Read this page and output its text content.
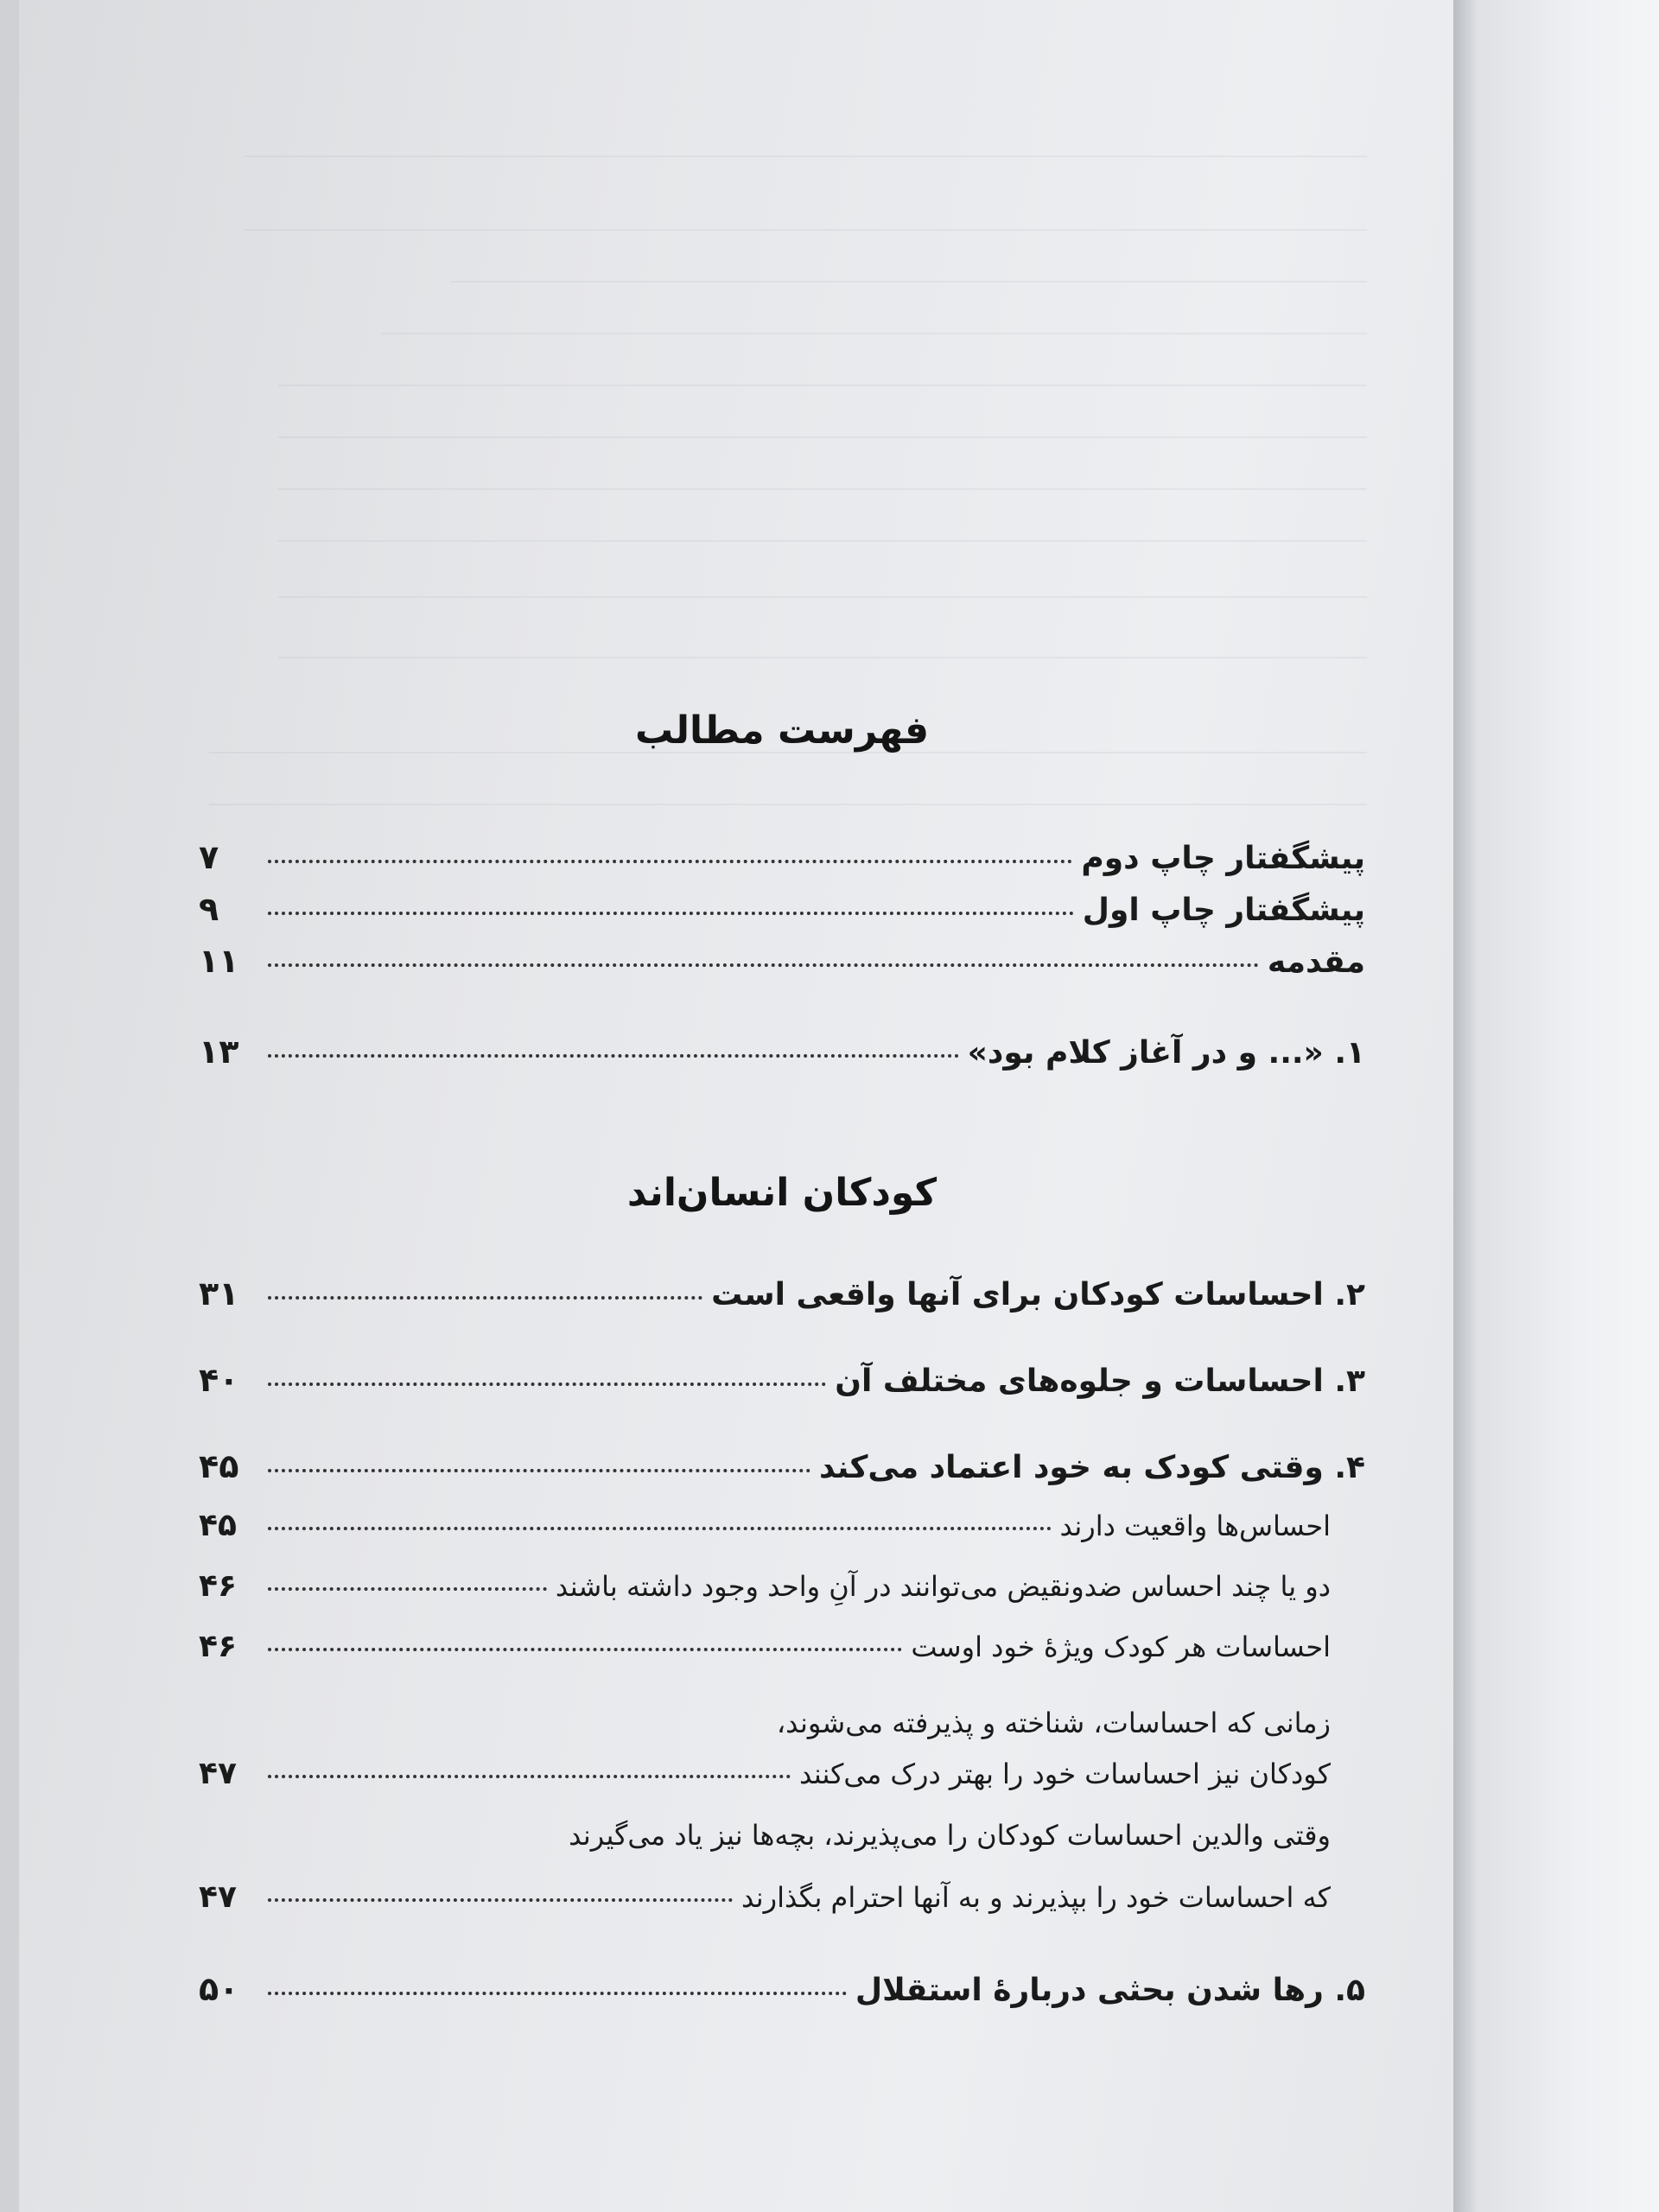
فهرست مطالب
پیشگفتار چاپ دوم
۷
پیشگفتار چاپ اول
۹
مقدمه
۱۱
۱. «... و در آغاز کلام بود»
۱۳
کودکان انسان‌اند
۲. احساسات کودکان برای آنها واقعی است
۳۱
۳. احساسات و جلوه‌های مختلف آن
۴۰
۴. وقتی کودک به خود اعتماد می‌کند
۴۵
احساس‌ها واقعیت دارند
۴۵
دو یا چند احساس ضدونقیض می‌توانند در آنِ واحد وجود داشته باشند
۴۶
احساسات هر کودک ویژهٔ خود اوست
۴۶
زمانی که احساسات، شناخته و پذیرفته می‌شوند،
کودکان نیز احساسات خود را بهتر درک می‌کنند
۴۷
وقتی والدین احساسات کودکان را می‌پذیرند، بچه‌ها نیز یاد می‌گیرند
که احساسات خود را بپذیرند و به آنها احترام بگذارند
۴۷
۵. رها شدن بحثی دربارهٔ استقلال
۵۰
